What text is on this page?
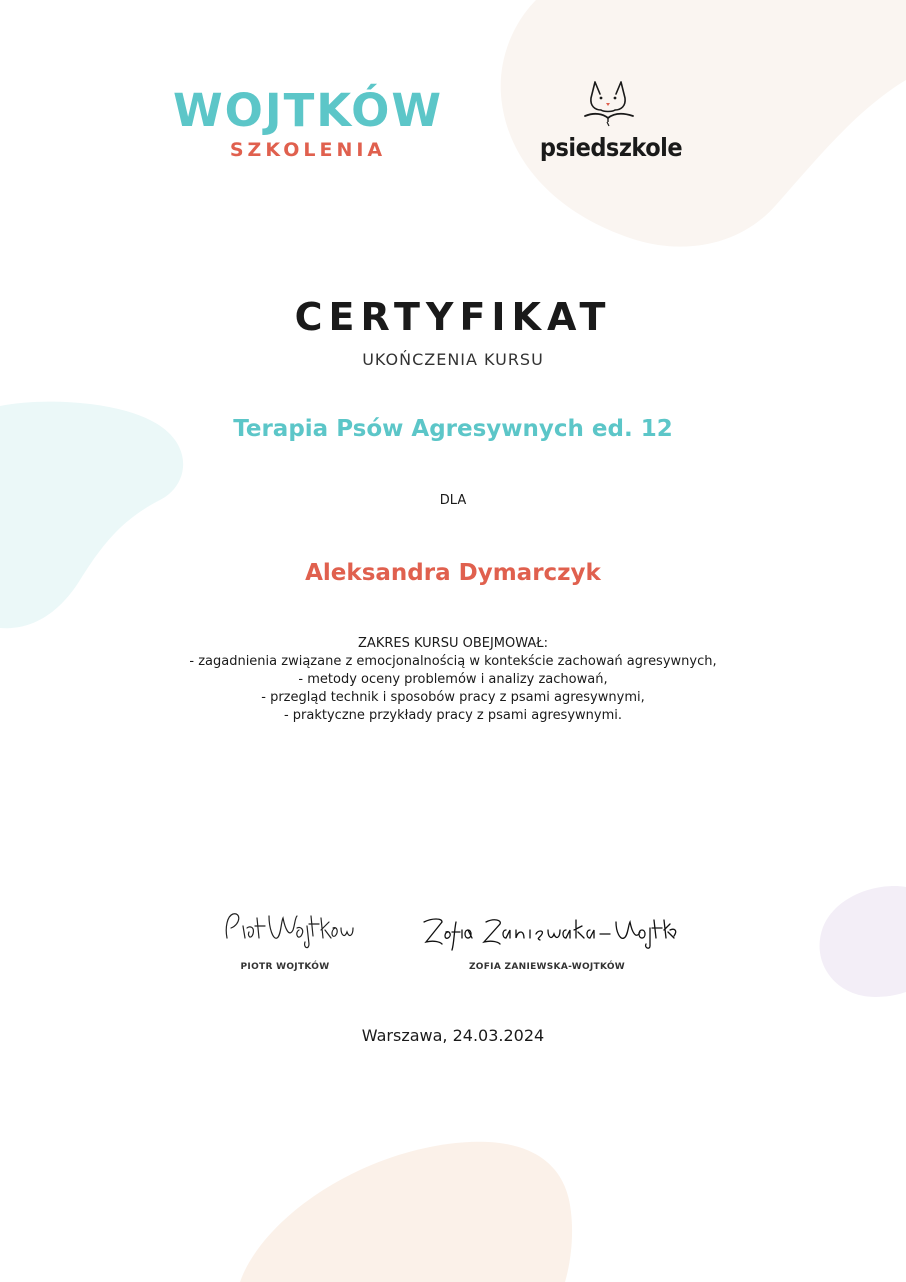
WOJTKÓW
SZKOLENIA	psiedszkole
CERTYFIKAT
UKOŃCZENIA KURSU
Terapia Psów Agresywnych ed. 12
DLA
Aleksandra Dymarczyk
ZAKRES KURSU OBEJMOWAŁ:
- zagadnienia związane z emocjonalnością w kontekście zachowań agresywnych,
- metody oceny problemów i analizy zachowań,
- przegląd technik i sposobów pracy z psami agresywnymi,
- praktyczne przykłady pracy z psami agresywnymi.
PIOTR WOJTKÓW	ZOFIA ZANIEWSKA-WOJTKÓW
Warszawa, 24.03.2024
